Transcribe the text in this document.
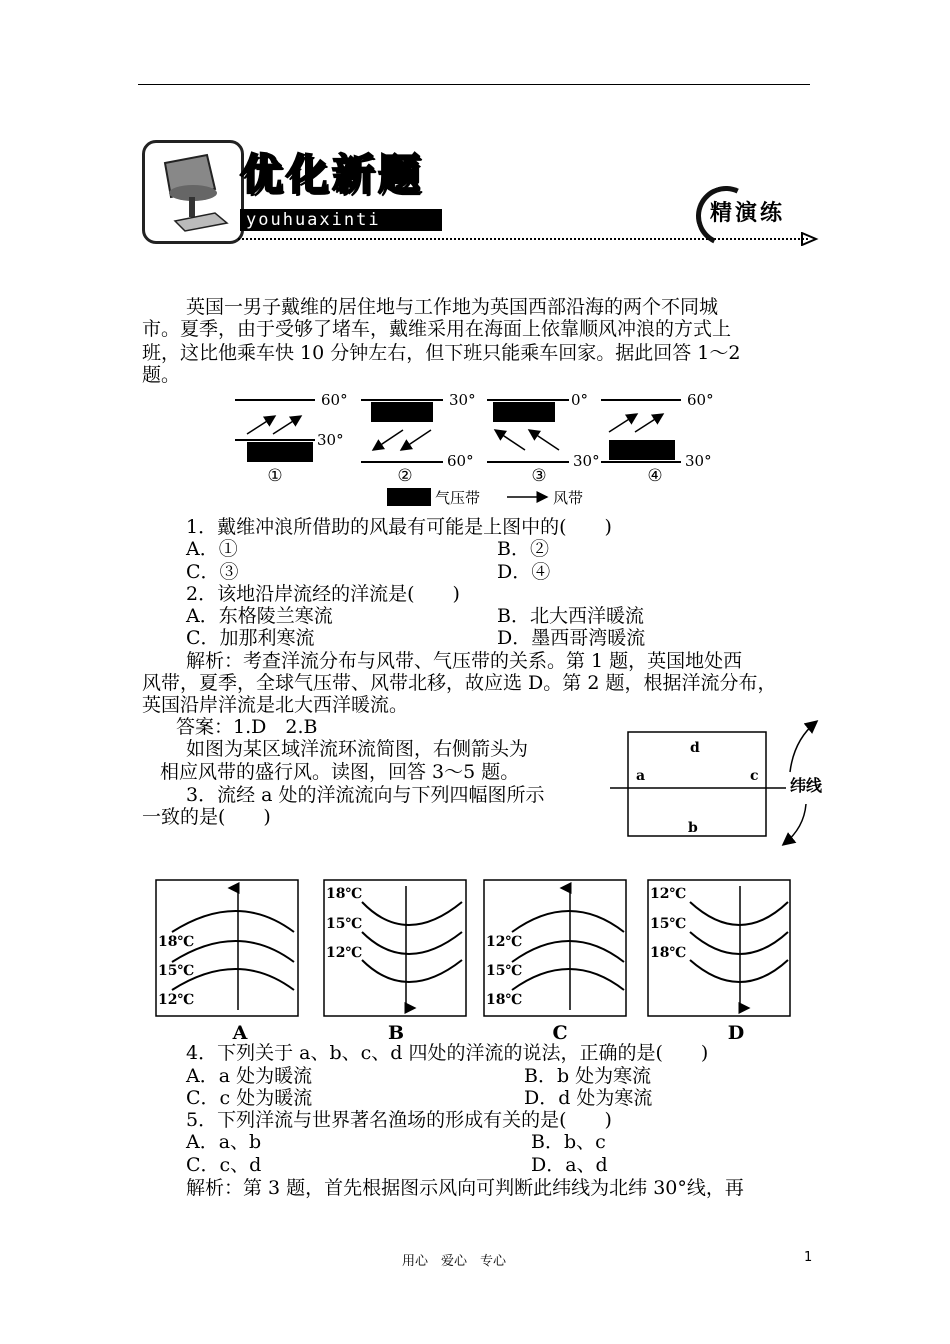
优化新题
youhuaxinti	精演练
英国一男子戴维的居住地与工作地为英国西部沿海的两个不同城
市。夏季，由于受够了堵车，戴维采用在海面上依靠顺风冲浪的方式上
班，这比他乘车快 10 分钟左右，但下班只能乘车回家。据此回答 1～2
题。
60°
30°
①
30°
60°
②
0°
30°
③
60°
30°
④
气压带	风带
1．戴维冲浪所借助的风最有可能是上图中的(　　)
A．①	B．②
C．③	D．④
2．该地沿岸流经的洋流是(　　)
A．东格陵兰寒流	B．北大西洋暖流
C．加那利寒流	D．墨西哥湾暖流
解析：考查洋流分布与风带、气压带的关系。第 1 题，英国地处西
风带，夏季，全球气压带、风带北移，故应选 D。第 2 题，根据洋流分布，
英国沿岸洋流是北大西洋暖流。
答案：1.D　2.B
如图为某区域洋流环流简图，右侧箭头为
相应风带的盛行风。读图，回答 3～5 题。
3．流经 a 处的洋流流向与下列四幅图所示
一致的是(　　)
d
a	c
b
纬线
18℃
15℃
12℃
A
18℃
15℃
12℃
B
12℃
15℃
18℃
C
12℃
15℃
18℃
D
4．下列关于 a、b、c、d 四处的洋流的说法，正确的是(　　)
A．a 处为暖流	B．b 处为寒流
C．c 处为暖流	D．d 处为寒流
5．下列洋流与世界著名渔场的形成有关的是(　　)
A．a、b	B．b、c
C．c、d	D．a、d
解析：第 3 题，首先根据图示风向可判断此纬线为北纬 30°线，再
用心　爱心　专心	1
